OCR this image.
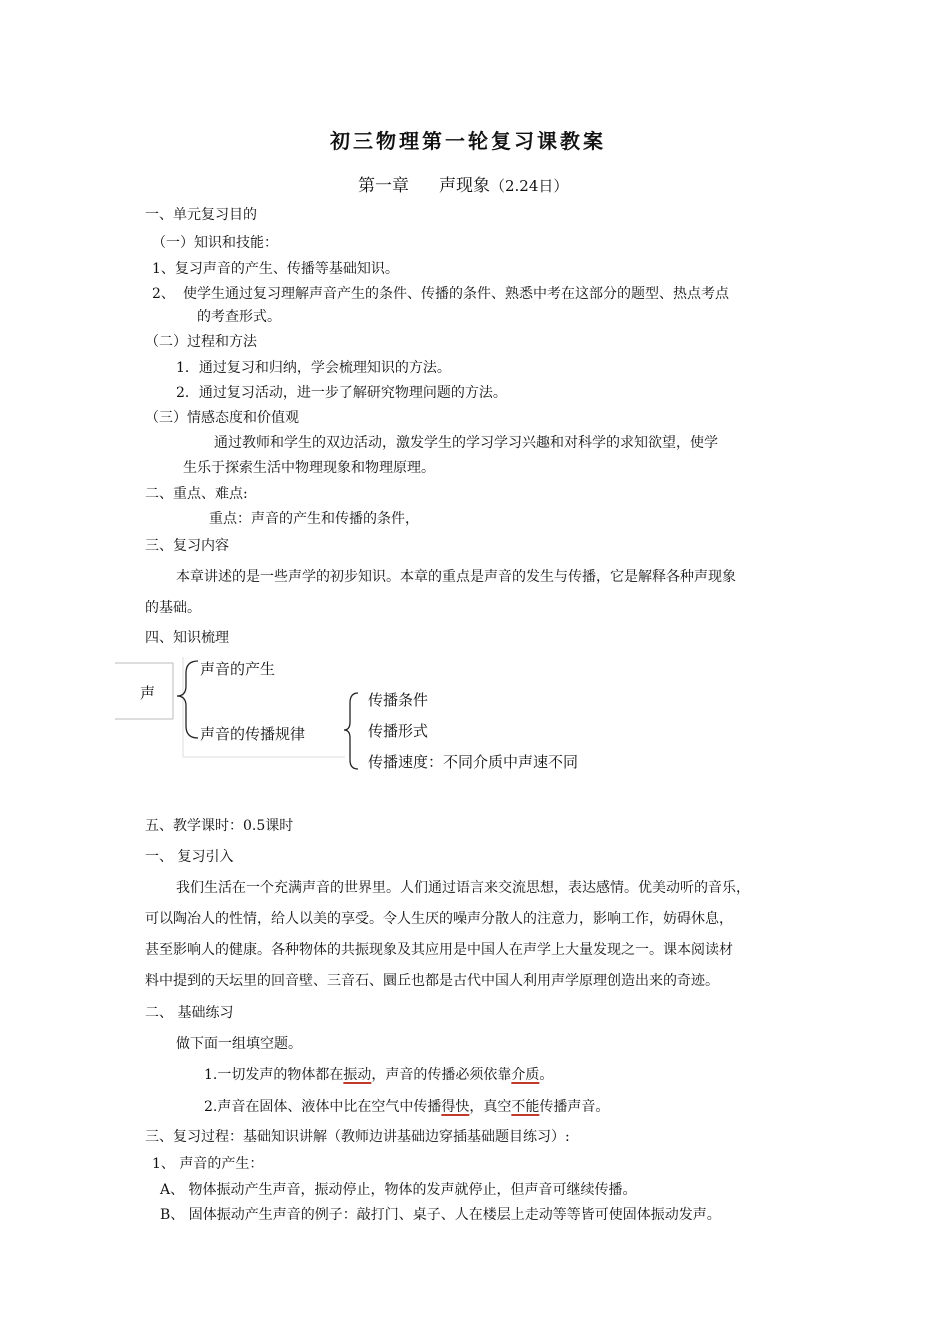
初三物理第一轮复习课教案
第一章 声现象（2.24日）
一、单元复习目的
（一）知识和技能：
1、复习声音的产生、传播等基础知识。
2、 使学生通过复习理解声音产生的条件、传播的条件、熟悉中考在这部分的题型、热点考点
的考查形式。
（二）过程和方法
1．通过复习和归纳，学会梳理知识的方法。
2．通过复习活动，进一步了解研究物理问题的方法。
（三）情感态度和价值观
通过教师和学生的双边活动，激发学生的学习学习兴趣和对科学的求知欲望，使学
生乐于探索生活中物理现象和物理原理。
二、重点、难点:
重点：声音的产生和传播的条件，
三、复习内容
本章讲述的是一些声学的初步知识。本章的重点是声音的发生与传播，它是解释各种声现象
的基础。
四、知识梳理
声
声音的产生
声音的传播规律
传播条件
传播形式
传播速度：不同介质中声速不同
五、教学课时：0.5课时
一、 复习引入
我们生活在一个充满声音的世界里。人们通过语言来交流思想，表达感情。优美动听的音乐，
可以陶冶人的性情，给人以美的享受。令人生厌的噪声分散人的注意力，影响工作，妨碍休息，
甚至影响人的健康。各种物体的共振现象及其应用是中国人在声学上大量发现之一。课本阅读材
料中提到的天坛里的回音壁、三音石、圜丘也都是古代中国人利用声学原理创造出来的奇迹。
二、 基础练习
做下面一组填空题。
1.一切发声的物体都在振动，声音的传播必须依靠介质。
2.声音在固体、液体中比在空气中传播得快，真空不能传播声音。
三、复习过程：基础知识讲解（教师边讲基础边穿插基础题目练习）:
1、 声音的产生：
A、 物体振动产生声音，振动停止，物体的发声就停止，但声音可继续传播。
B、 固体振动产生声音的例子：敲打门、桌子、人在楼层上走动等等皆可使固体振动发声。
